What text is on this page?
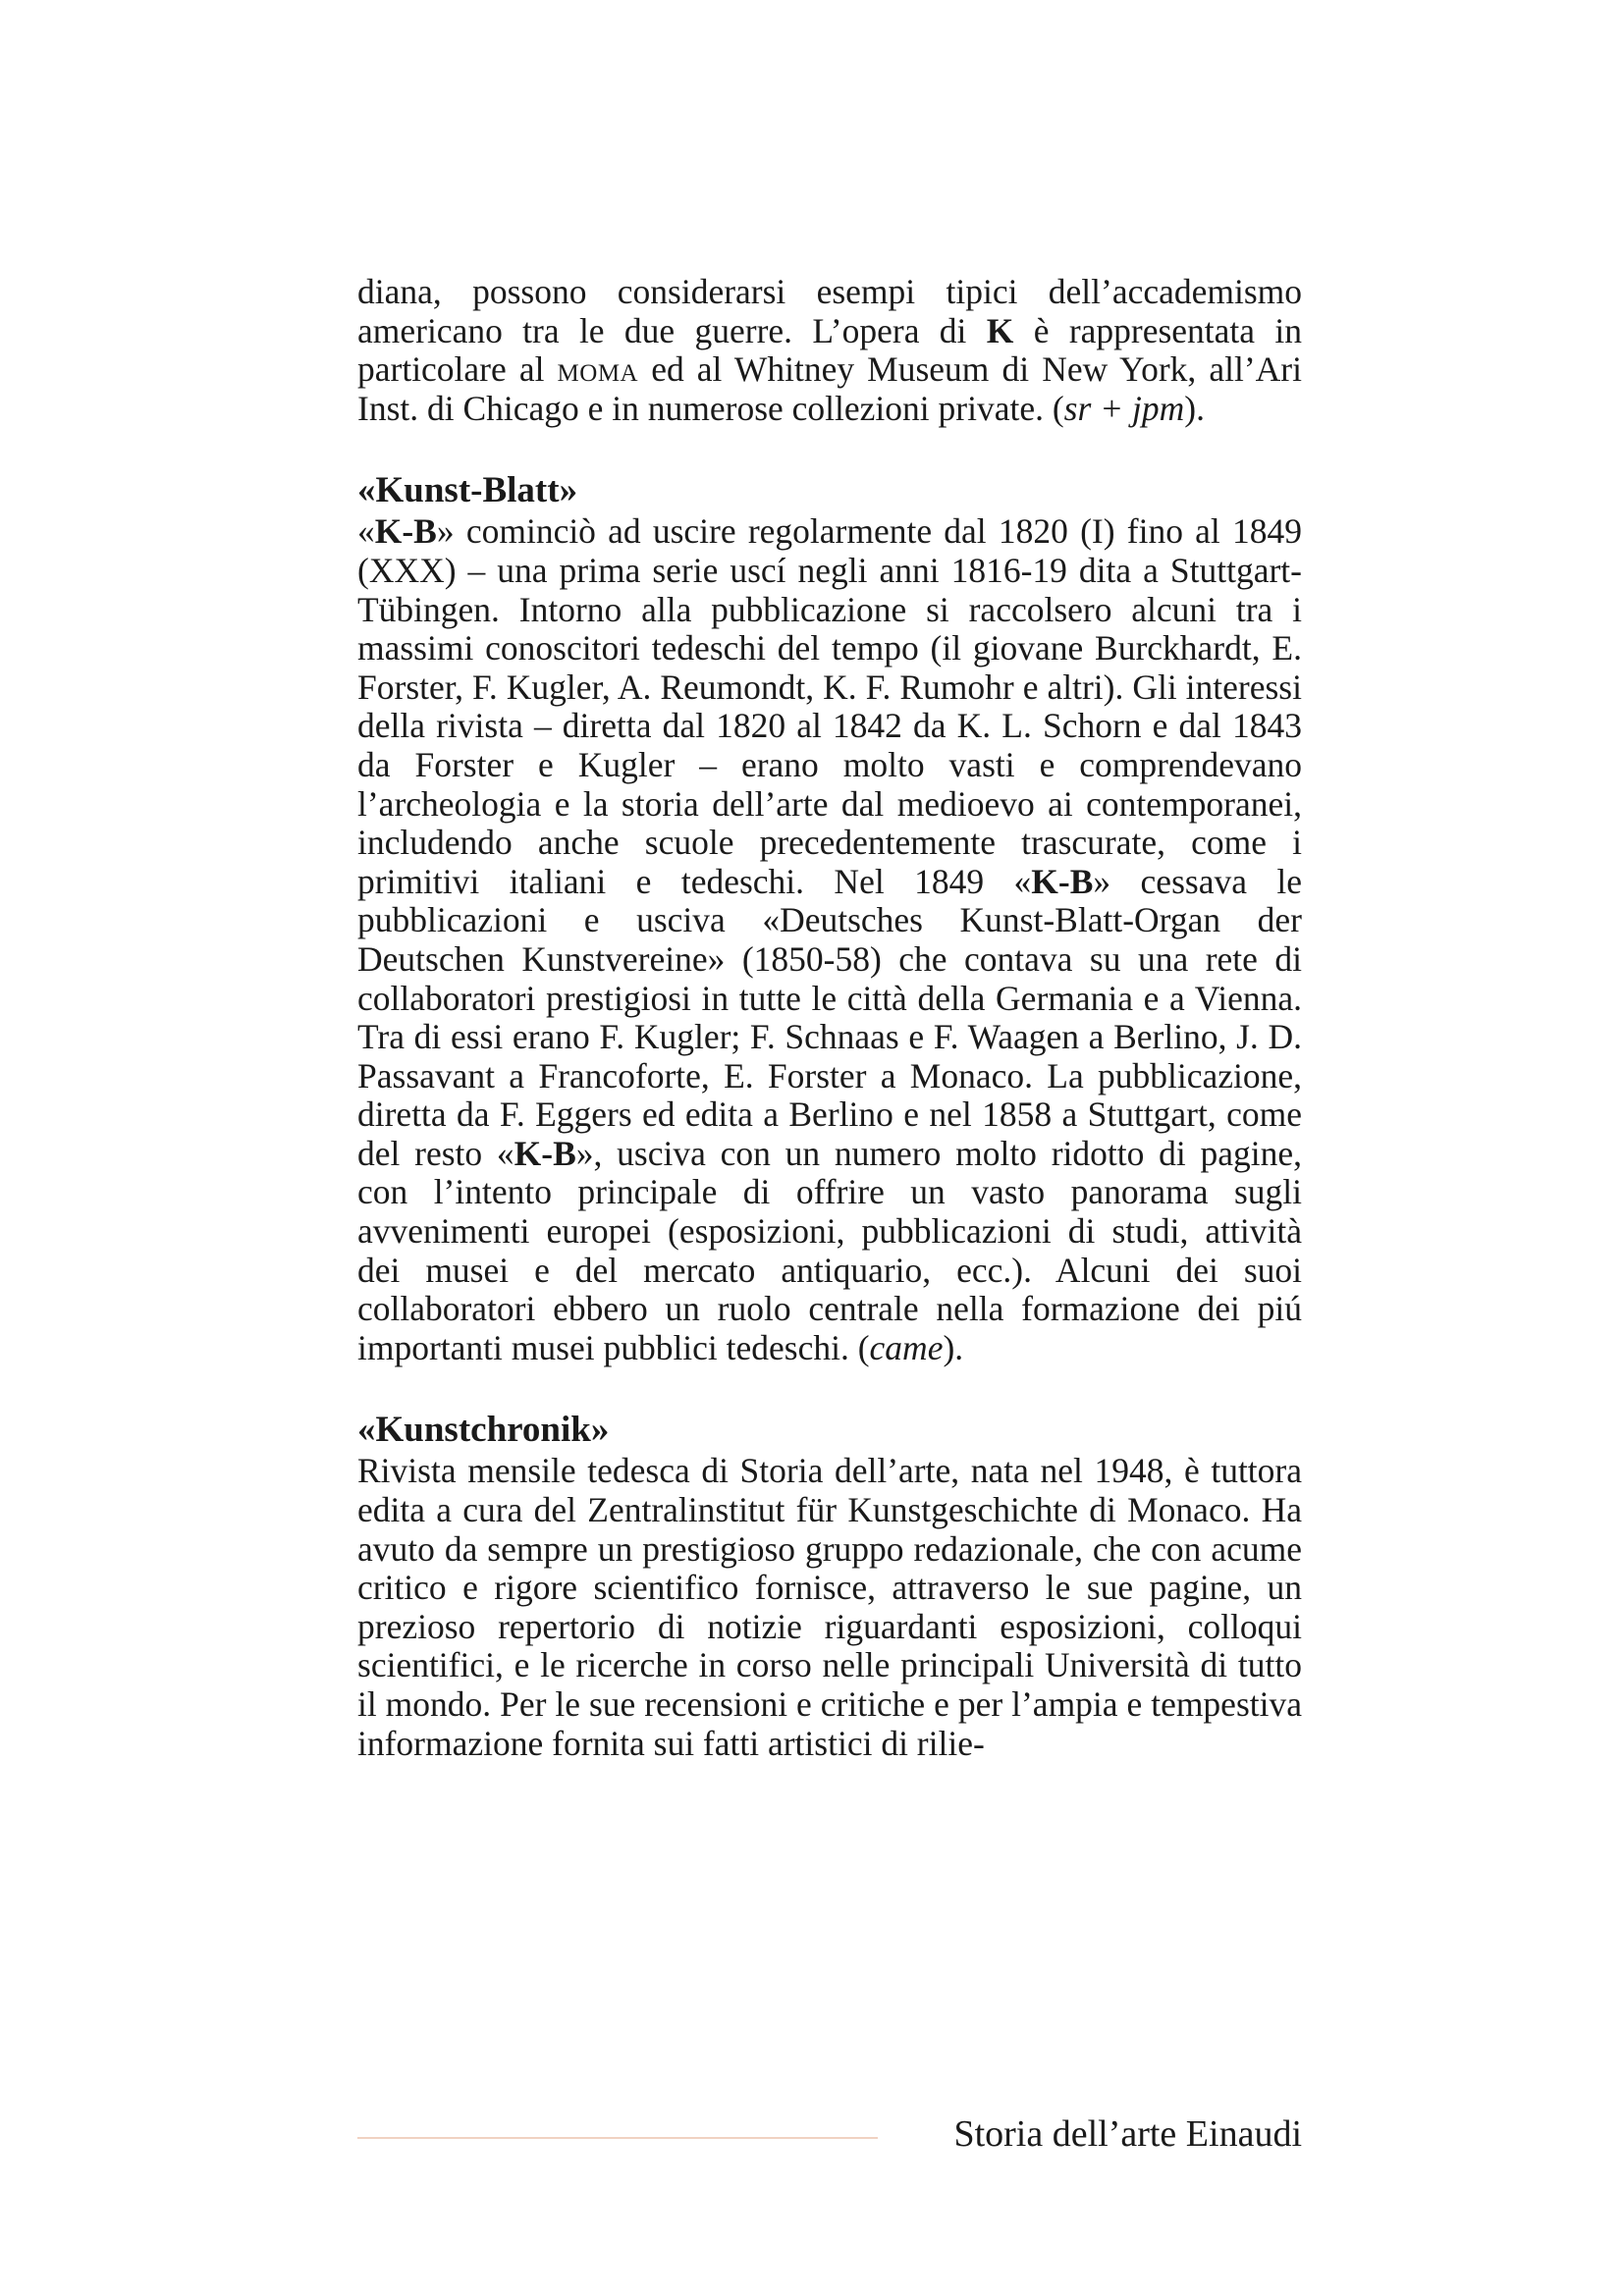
diana, possono considerarsi esempi tipici dell’accademismo americano tra le due guerre. L’opera di K è rappresentata in particolare al moma ed al Whitney Museum di New York, all’Ari Inst. di Chicago e in numerose collezioni private. (sr + jpm).

«Kunst-Blatt»

«K-B» cominciò ad uscire regolarmente dal 1820 (I) fino al 1849 (XXX) – una prima serie uscí negli anni 1816-19 dita a Stuttgart-Tübingen. Intorno alla pubblicazione si raccolsero alcuni tra i massimi conoscitori tedeschi del tempo (il giovane Burckhardt, E. Forster, F. Kugler, A. Reumondt, K. F. Rumohr e altri). Gli interessi della rivista – diretta dal 1820 al 1842 da K. L. Schorn e dal 1843 da Forster e Kugler – erano molto vasti e comprendevano l’archeologia e la storia dell’arte dal medioevo ai contemporanei, includendo anche scuole precedentemente trascurate, come i primitivi italiani e tedeschi. Nel 1849 «K-B» cessava le pubblicazioni e usciva «Deutsches Kunst-Blatt-Organ der Deutschen Kunstvereine» (1850-58) che contava su una rete di collaboratori prestigiosi in tutte le città della Germania e a Vienna. Tra di essi erano F. Kugler; F. Schnaas e F. Waagen a Berlino, J. D. Passavant a Francoforte, E. Forster a Monaco. La pubblicazione, diretta da F. Eggers ed edita a Berlino e nel 1858 a Stuttgart, come del resto «K-B», usciva con un numero molto ridotto di pagine, con l’intento principale di offrire un vasto panorama sugli avvenimenti europei (esposizioni, pubblicazioni di studi, attività dei musei e del mercato antiquario, ecc.). Alcuni dei suoi collaboratori ebbero un ruolo centrale nella formazione dei piú importanti musei pubblici tedeschi. (came).

«Kunstchronik»

Rivista mensile tedesca di Storia dell’arte, nata nel 1948, è tuttora edita a cura del Zentralinstitut für Kunstgeschichte di Monaco. Ha avuto da sempre un prestigioso gruppo redazionale, che con acume critico e rigore scientifico fornisce, attraverso le sue pagine, un prezioso repertorio di notizie riguardanti esposizioni, colloqui scientifici, e le ricerche in corso nelle principali Università di tutto il mondo. Per le sue recensioni e critiche e per l’ampia e tempestiva informazione fornita sui fatti artistici di rilie-

Storia dell’arte Einaudi
